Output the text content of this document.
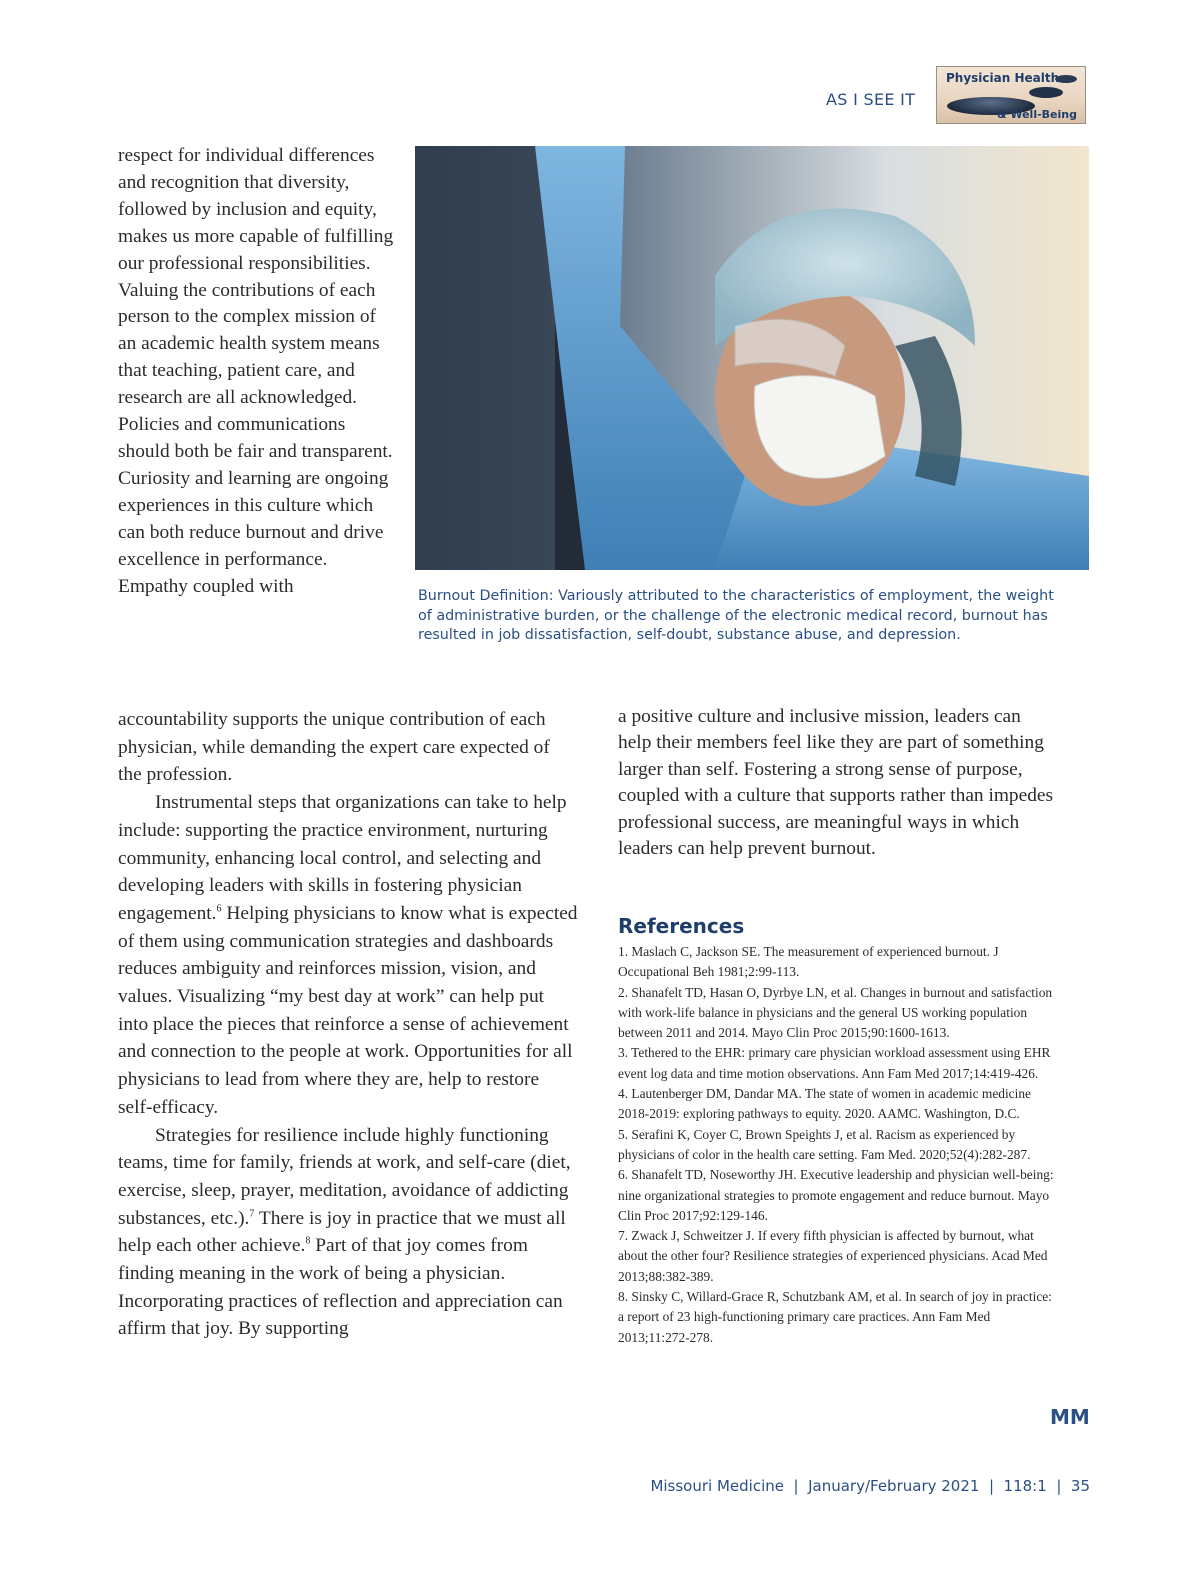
AS I SEE IT
Physician Health
& Well-Being

respect for individual differences and recognition that diversity, followed by inclusion and equity, makes us more capable of fulfilling our professional responsibilities. Valuing the contributions of each person to the complex mission of an academic health system means that teaching, patient care, and research are all acknowledged. Policies and communications should both be fair and transparent. Curiosity and learning are ongoing experiences in this culture which can both reduce burnout and drive excellence in performance. Empathy coupled with	Burnout Definition: Variously attributed to the characteristics of employment, the weight of administrative burden, or the challenge of the electronic medical record, burnout has resulted in job dissatisfaction, self-doubt, substance abuse, and depression.

accountability supports the unique contribution of each physician, while demanding the expert care expected of the profession.

Instrumental steps that organizations can take to help include: supporting the practice environment, nurturing community, enhancing local control, and selecting and developing leaders with skills in fostering physician engagement.$^6$ Helping physicians to know what is expected of them using communication strategies and dashboards reduces ambiguity and reinforces mission, vision, and values. Visualizing “my best day at work” can help put into place the pieces that reinforce a sense of achievement and connection to the people at work. Opportunities for all physicians to lead from where they are, help to restore self-efficacy.

Strategies for resilience include highly functioning teams, time for family, friends at work, and self-care (diet, exercise, sleep, prayer, meditation, avoidance of addicting substances, etc.).$^7$ There is joy in practice that we must all help each other achieve.$^8$ Part of that joy comes from finding meaning in the work of being a physician. Incorporating practices of reflection and appreciation can affirm that joy. By supporting

a positive culture and inclusive mission, leaders can help their members feel like they are part of something larger than self. Fostering a strong sense of purpose, coupled with a culture that supports rather than impedes professional success, are meaningful ways in which leaders can help prevent burnout.

References
1. Maslach C, Jackson SE. The measurement of experienced burnout. J Occupational Beh 1981;2:99-113.
2. Shanafelt TD, Hasan O, Dyrbye LN, et al. Changes in burnout and satisfaction with work-life balance in physicians and the general US working population between 2011 and 2014. Mayo Clin Proc 2015;90:1600-1613.
3. Tethered to the EHR: primary care physician workload assessment using EHR event log data and time motion observations. Ann Fam Med 2017;14:419-426.
4. Lautenberger DM, Dandar MA. The state of women in academic medicine 2018-2019: exploring pathways to equity. 2020. AAMC. Washington, D.C.
5. Serafini K, Coyer C, Brown Speights J, et al. Racism as experienced by physicians of color in the health care setting. Fam Med. 2020;52(4):282-287.
6. Shanafelt TD, Noseworthy JH. Executive leadership and physician well-being: nine organizational strategies to promote engagement and reduce burnout. Mayo Clin Proc 2017;92:129-146.
7. Zwack J, Schweitzer J. If every fifth physician is affected by burnout, what about the other four? Resilience strategies of experienced physicians. Acad Med 2013;88:382-389.
8. Sinsky C, Willard-Grace R, Schutzbank AM, et al. In search of joy in practice: a report of 23 high-functioning primary care practices. Ann Fam Med 2013;11:272-278.
MM
Missouri Medicine  |  January/February 2021  |  118:1  |  35
